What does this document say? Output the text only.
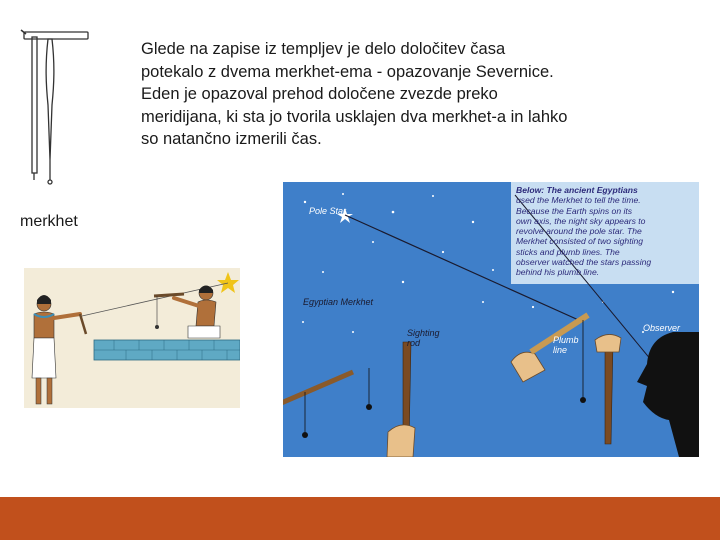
Glede na zapise iz templjev je delo določitev časa
potekalo z dvema merkhet-ema - opazovanje Severnice.
Eden je opazoval prehod določene zvezde preko
meridijana, ki sta jo tvorila usklajen dva merkhet-a in lahko
so natančno izmerili čas.
merkhet
Below: The ancient Egyptians
used the Merkhet to tell the time.
Because the Earth spins on its
own axis, the night sky appears to
revolve around the pole star. The
Merkhet consisted of two sighting
sticks and plumb lines. The
observer watched the stars passing
behind his plumb line.
Pole Star
Egyptian Merkhet
Sighting
rod	Plumb
line
Observer
